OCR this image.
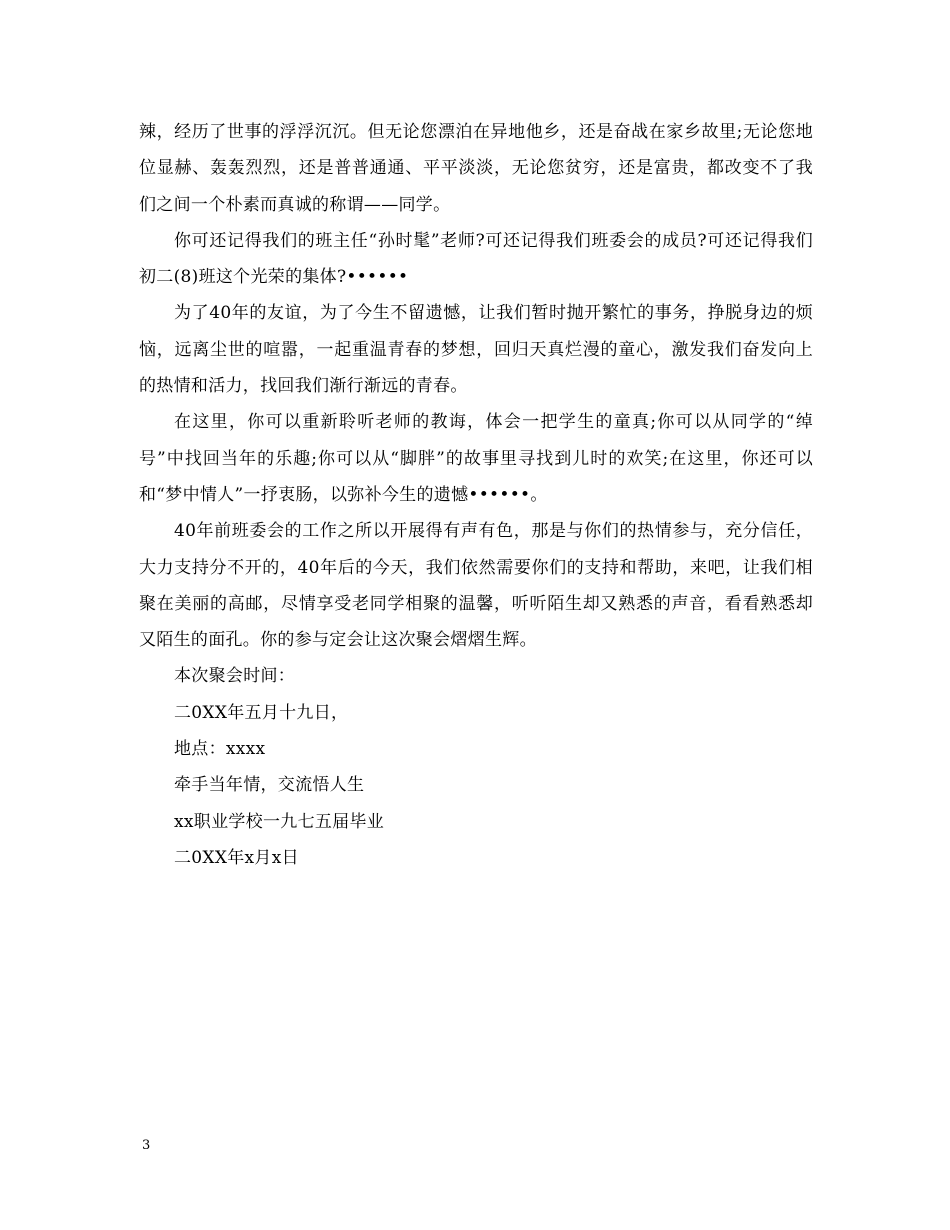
辣，经历了世事的浮浮沉沉。但无论您漂泊在异地他乡，还是奋战在家乡故里;无论您地位显赫、轰轰烈烈，还是普普通通、平平淡淡，无论您贫穷，还是富贵，都改变不了我们之间一个朴素而真诚的称谓——同学。

你可还记得我们的班主任“孙时髦”老师?可还记得我们班委会的成员?可还记得我们初二(8)班这个光荣的集体?••••••

为了40年的友谊，为了今生不留遗憾，让我们暂时抛开繁忙的事务，挣脱身边的烦恼，远离尘世的喧嚣，一起重温青春的梦想，回归天真烂漫的童心，激发我们奋发向上的热情和活力，找回我们渐行渐远的青春。

在这里，你可以重新聆听老师的教诲，体会一把学生的童真;你可以从同学的“绰号”中找回当年的乐趣;你可以从“脚胖”的故事里寻找到儿时的欢笑;在这里，你还可以和“梦中情人”一抒衷肠，以弥补今生的遗憾••••••。

40年前班委会的工作之所以开展得有声有色，那是与你们的热情参与，充分信任，大力支持分不开的，40年后的今天，我们依然需要你们的支持和帮助，来吧，让我们相聚在美丽的高邮，尽情享受老同学相聚的温馨，听听陌生却又熟悉的声音，看看熟悉却又陌生的面孔。你的参与定会让这次聚会熠熠生辉。

本次聚会时间：

二0XX年五月十九日，

地点：xxxx

牵手当年情，交流悟人生

xx职业学校一九七五届毕业

二0XX年x月x日

3
